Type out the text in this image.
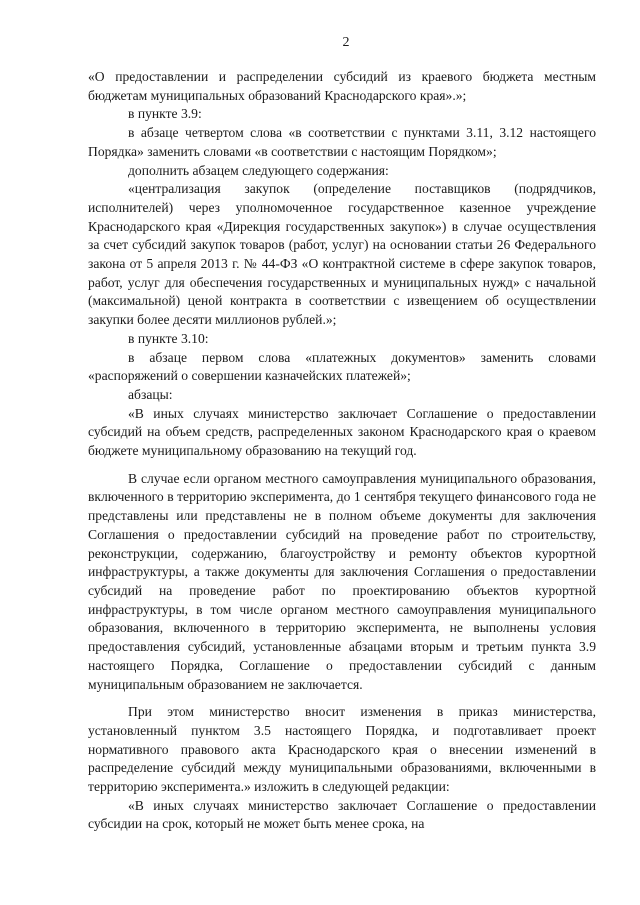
2

«О предоставлении и распределении субсидий из краевого бюджета местным бюджетам муниципальных образований Краснодарского края».»;

в пункте 3.9:

в абзаце четвертом слова «в соответствии с пунктами 3.11, 3.12 настоящего Порядка» заменить словами «в соответствии с настоящим Порядком»;

дополнить абзацем следующего содержания:

«централизация закупок (определение поставщиков (подрядчиков, исполнителей) через уполномоченное государственное казенное учреждение Краснодарского края «Дирекция государственных закупок») в случае осуществления за счет субсидий закупок товаров (работ, услуг) на основании статьи 26 Федерального закона от 5 апреля 2013 г. № 44-ФЗ «О контрактной системе в сфере закупок товаров, работ, услуг для обеспечения государственных и муниципальных нужд» с начальной (максимальной) ценой контракта в соответствии с извещением об осуществлении закупки более десяти миллионов рублей.»;

в пункте 3.10:

в абзаце первом слова «платежных документов» заменить словами «распоряжений о совершении казначейских платежей»;

абзацы:

«В иных случаях министерство заключает Соглашение о предоставлении субсидий на объем средств, распределенных законом Краснодарского края о краевом бюджете муниципальному образованию на текущий год.

В случае если органом местного самоуправления муниципального образования, включенного в территорию эксперимента, до 1 сентября текущего финансового года не представлены или представлены не в полном объеме документы для заключения Соглашения о предоставлении субсидий на проведение работ по строительству, реконструкции, содержанию, благоустройству и ремонту объектов курортной инфраструктуры, а также документы для заключения Соглашения о предоставлении субсидий на проведение работ по проектированию объектов курортной инфраструктуры, в том числе органом местного самоуправления муниципального образования, включенного в территорию эксперимента, не выполнены условия предоставления субсидий, установленные абзацами вторым и третьим пункта 3.9 настоящего Порядка, Соглашение о предоставлении субсидий с данным муниципальным образованием не заключается.

При этом министерство вносит изменения в приказ министерства, установленный пунктом 3.5 настоящего Порядка, и подготавливает проект нормативного правового акта Краснодарского края о внесении изменений в распределение субсидий между муниципальными образованиями, включенными в территорию эксперимента.» изложить в следующей редакции:

«В иных случаях министерство заключает Соглашение о предоставлении субсидии на срок, который не может быть менее срока, на
